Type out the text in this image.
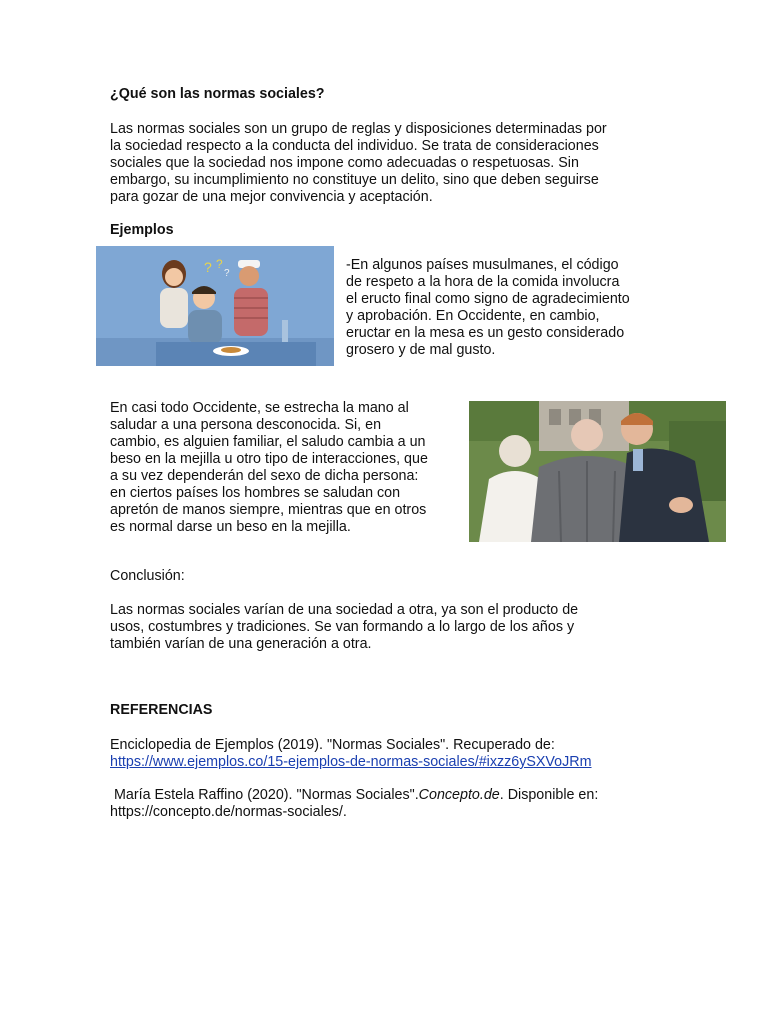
¿Qué son las normas sociales?
Las normas sociales son un grupo de reglas y disposiciones determinadas por
la sociedad respecto a la conducta del individuo. Se trata de consideraciones
sociales que la sociedad nos impone como adecuadas o respetuosas. Sin
embargo, su incumplimiento no constituye un delito, sino que deben seguirse
para gozar de una mejor convivencia y aceptación.
Ejemplos
? ?
?
-En algunos países musulmanes, el código
de respeto a la hora de la comida involucra
el eructo final como signo de agradecimiento
y aprobación. En Occidente, en cambio,
eructar en la mesa es un gesto considerado
grosero y de mal gusto.
En casi todo Occidente, se estrecha la mano al
saludar a una persona desconocida. Si, en
cambio, es alguien familiar, el saludo cambia a un
beso en la mejilla u otro tipo de interacciones, que
a su vez dependerán del sexo de dicha persona:
en ciertos países los hombres se saludan con
apretón de manos siempre, mientras que en otros
es normal darse un beso en la mejilla.
Conclusión:
Las normas sociales varían de una sociedad a otra, ya son el producto de
usos, costumbres y tradiciones. Se van formando a lo largo de los años y
también varían de una generación a otra.
REFERENCIAS
Enciclopedia de Ejemplos (2019). "Normas Sociales". Recuperado de:
https://www.ejemplos.co/15-ejemplos-de-normas-sociales/#ixzz6ySXVoJRm
María Estela Raffino (2020). "Normas Sociales".Concepto.de. Disponible en:
https://concepto.de/normas-sociales/.
